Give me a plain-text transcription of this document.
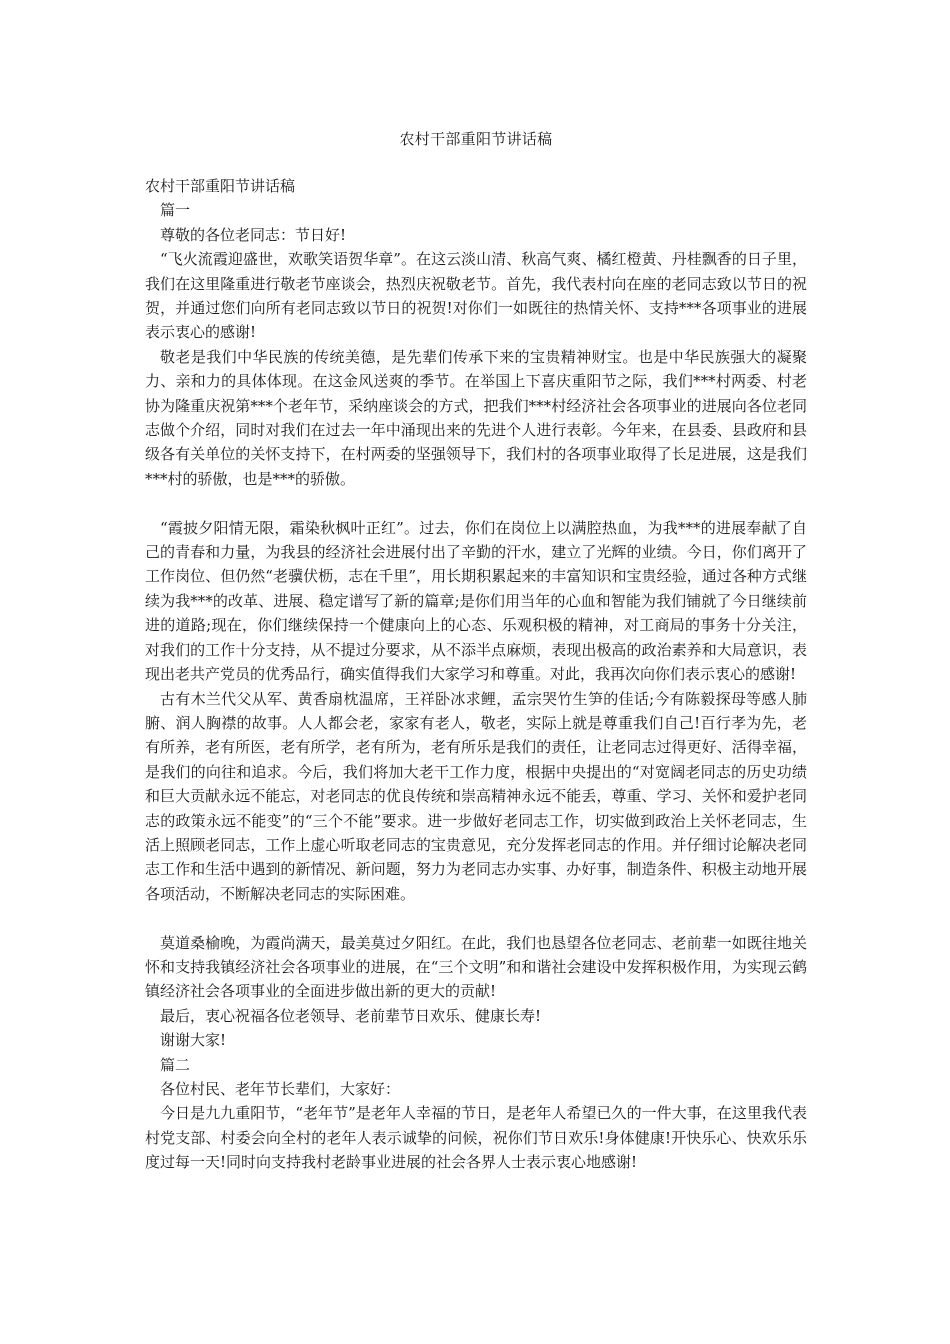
农村干部重阳节讲话稿

农村干部重阳节讲话稿

篇一

尊敬的各位老同志：节日好!

“飞火流霞迎盛世，欢歌笑语贺华章”。在这云淡山清、秋高气爽、橘红橙黄、丹桂飘香的日子里，我们在这里隆重进行敬老节座谈会，热烈庆祝敬老节。首先，我代表村向在座的老同志致以节日的祝贺，并通过您们向所有老同志致以节日的祝贺!对你们一如既往的热情关怀、支持***各项事业的进展表示衷心的感谢!

敬老是我们中华民族的传统美德，是先辈们传承下来的宝贵精神财宝。也是中华民族强大的凝聚力、亲和力的具体体现。在这金风送爽的季节。在举国上下喜庆重阳节之际，我们***村两委、村老协为隆重庆祝第***个老年节，采纳座谈会的方式，把我们***村经济社会各项事业的进展向各位老同志做个介绍，同时对我们在过去一年中涌现出来的先进个人进行表彰。今年来，在县委、县政府和县级各有关单位的关怀支持下，在村两委的坚强领导下，我们村的各项事业取得了长足进展，这是我们***村的骄傲，也是***的骄傲。

“霞披夕阳情无限，霜染秋枫叶正红”。过去，你们在岗位上以满腔热血，为我***的进展奉献了自己的青春和力量，为我县的经济社会进展付出了辛勤的汗水，建立了光辉的业绩。今日，你们离开了工作岗位、但仍然“老骥伏枥，志在千里”，用长期积累起来的丰富知识和宝贵经验，通过各种方式继续为我***的改革、进展、稳定谱写了新的篇章;是你们用当年的心血和智能为我们铺就了今日继续前进的道路;现在，你们继续保持一个健康向上的心态、乐观积极的精神，对工商局的事务十分关注，对我们的工作十分支持，从不提过分要求，从不添半点麻烦，表现出极高的政治素养和大局意识，表现出老共产党员的优秀品行，确实值得我们大家学习和尊重。对此，我再次向你们表示衷心的感谢!

古有木兰代父从军、黄香扇枕温席，王祥卧冰求鲤，孟宗哭竹生笋的佳话;今有陈毅探母等感人肺腑、润人胸襟的故事。人人都会老，家家有老人，敬老，实际上就是尊重我们自己!百行孝为先，老有所养，老有所医，老有所学，老有所为，老有所乐是我们的责任，让老同志过得更好、活得幸福，是我们的向往和追求。今后，我们将加大老干工作力度，根据中央提出的“对宽阔老同志的历史功绩和巨大贡献永远不能忘，对老同志的优良传统和崇高精神永远不能丢，尊重、学习、关怀和爱护老同志的政策永远不能变”的“三个不能”要求。进一步做好老同志工作，切实做到政治上关怀老同志，生活上照顾老同志，工作上虚心听取老同志的宝贵意见，充分发挥老同志的作用。并仔细讨论解决老同志工作和生活中遇到的新情况、新问题，努力为老同志办实事、办好事，制造条件、积极主动地开展各项活动，不断解决老同志的实际困难。

莫道桑榆晚，为霞尚满天，最美莫过夕阳红。在此，我们也恳望各位老同志、老前辈一如既往地关怀和支持我镇经济社会各项事业的进展，在“三个文明”和和谐社会建设中发挥积极作用，为实现云鹤镇经济社会各项事业的全面进步做出新的更大的贡献!

最后，衷心祝福各位老领导、老前辈节日欢乐、健康长寿!

谢谢大家!

篇二

各位村民、老年节长辈们，大家好：

今日是九九重阳节，“老年节”是老年人幸福的节日，是老年人希望已久的一件大事，在这里我代表村党支部、村委会向全村的老年人表示诚挚的问候，祝你们节日欢乐!身体健康!开快乐心、快欢乐乐度过每一天!同时向支持我村老龄事业进展的社会各界人士表示衷心地感谢!
